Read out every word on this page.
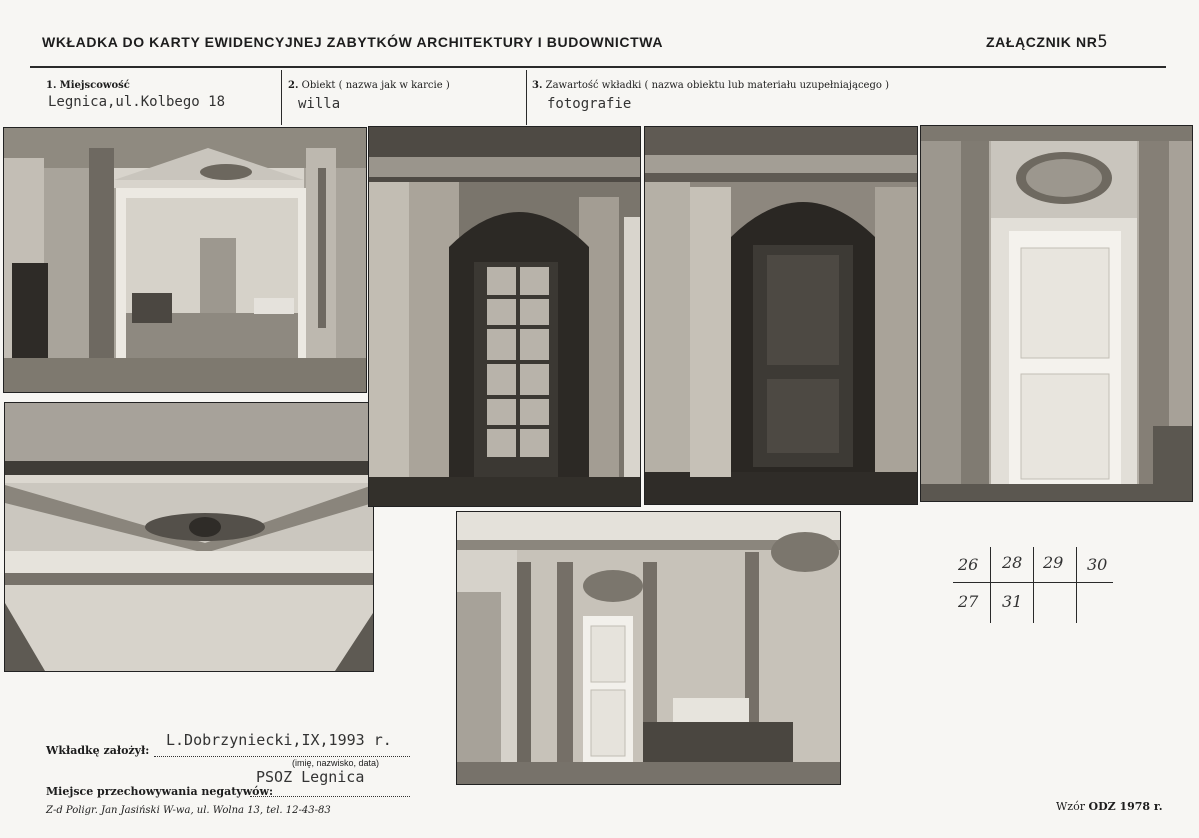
WKŁADKA DO KARTY EWIDENCYJNEJ ZABYTKÓW ARCHITEKTURY I BUDOWNICTWA	ZAŁĄCZNIK NR5
1. Miejscowość
Legnica,ul.Kolbego 18
2. Obiekt ( nazwa jak w karcie )
willa
3. Zawartość wkładki ( nazwa obiektu lub materiału uzupełniającego )
fotografie
26 28 29 30
27 31
Wkładkę założył:
L.Dobrzyniecki,IX,1993 r.
(imię, nazwisko, data)
PSOZ Legnica
Miejsce przechowywania negatywów:
Z-d Poligr. Jan Jasiński W-wa, ul. Wolna 13, tel. 12-43-83	Wzór ODZ 1978 r.
